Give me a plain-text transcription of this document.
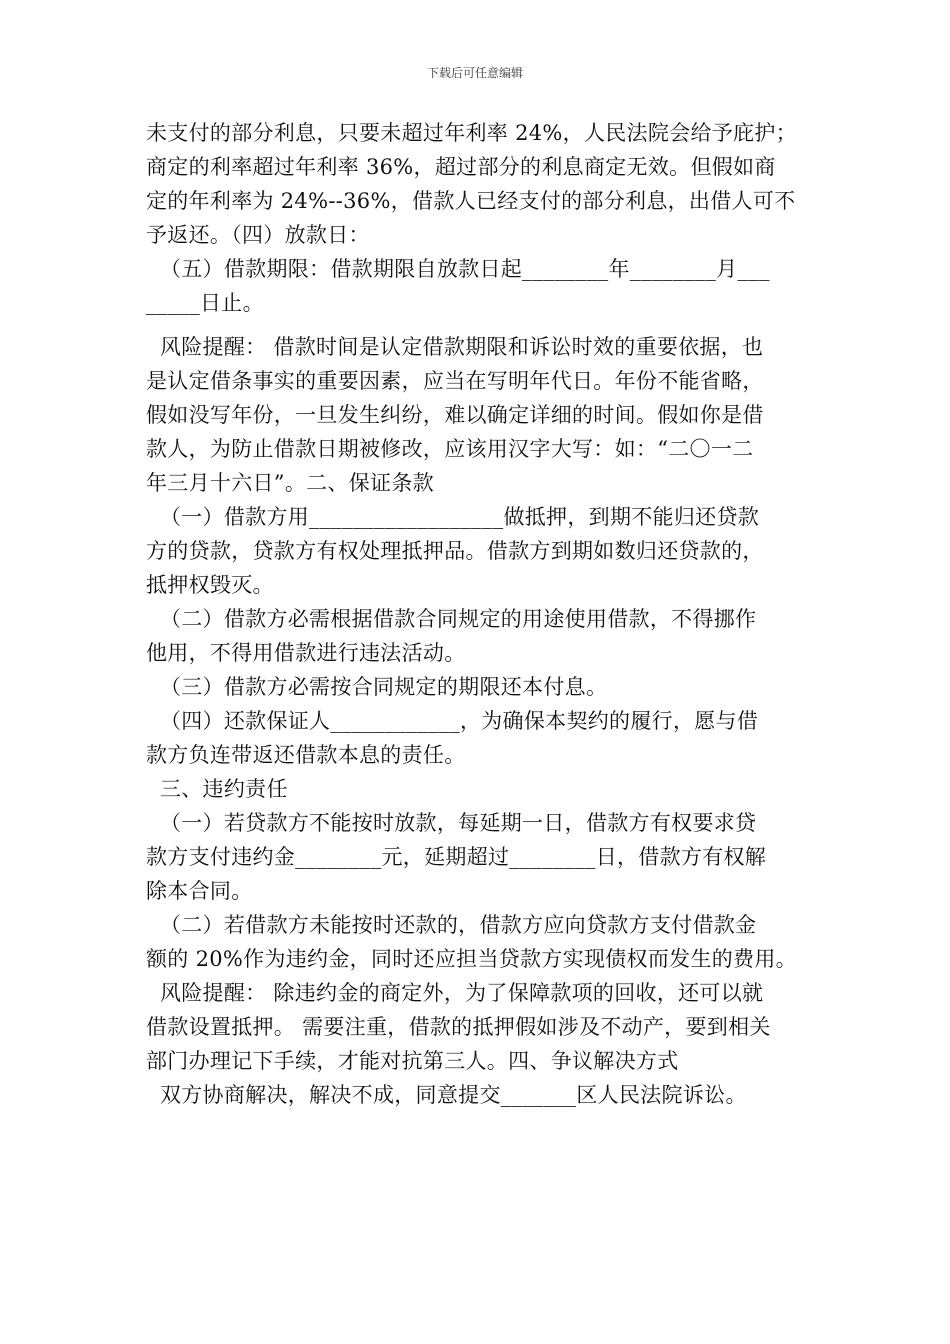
下载后可任意编辑
未支付的部分利息，只要未超过年利率 24%，人民法院会给予庇护；
商定的利率超过年利率 36%，超过部分的利息商定无效。但假如商
定的年利率为 24%--36%，借款人已经支付的部分利息，出借人可不
予返还。（四）放款日：
（五）借款期限：借款期限自放款日起________年________月___
_____日止。
风险提醒： 借款时间是认定借款期限和诉讼时效的重要依据，也
是认定借条事实的重要因素，应当在写明年代日。年份不能省略，
假如没写年份，一旦发生纠纷，难以确定详细的时间。假如你是借
款人，为防止借款日期被修改，应该用汉字大写：如：“二〇一二
年三月十六日”。二、保证条款
（一）借款方用__________________做抵押，到期不能归还贷款
方的贷款，贷款方有权处理抵押品。借款方到期如数归还贷款的，
抵押权毁灭。
（二）借款方必需根据借款合同规定的用途使用借款，不得挪作
他用，不得用借款进行违法活动。
（三）借款方必需按合同规定的期限还本付息。
（四）还款保证人____________，为确保本契约的履行，愿与借
款方负连带返还借款本息的责任。
三、违约责任
（一）若贷款方不能按时放款，每延期一日，借款方有权要求贷
款方支付违约金________元，延期超过________日，借款方有权解
除本合同。
（二）若借款方未能按时还款的，借款方应向贷款方支付借款金
额的 20%作为违约金，同时还应担当贷款方实现债权而发生的费用。
风险提醒： 除违约金的商定外，为了保障款项的回收，还可以就
借款设置抵押。 需要注重，借款的抵押假如涉及不动产，要到相关
部门办理记下手续，才能对抗第三人。四、争议解决方式
双方协商解决，解决不成，同意提交_______区人民法院诉讼。
